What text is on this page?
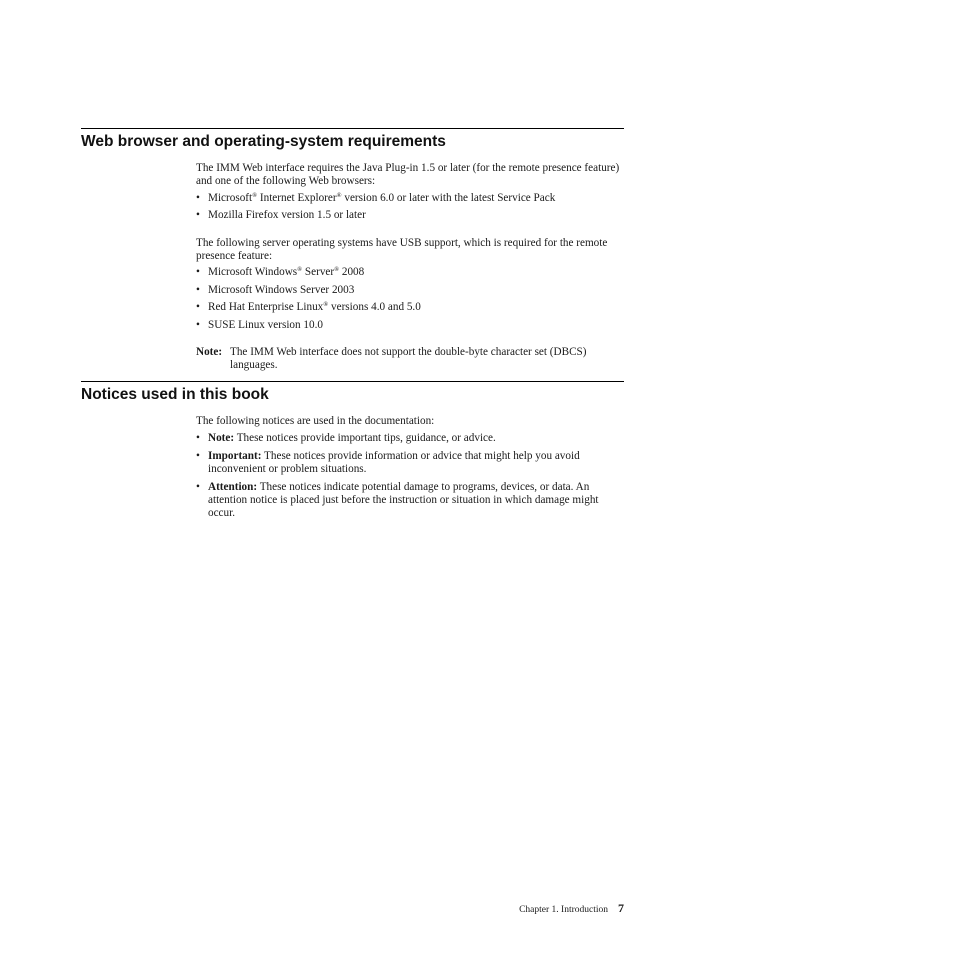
Web browser and operating-system requirements

The IMM Web interface requires the Java Plug-in 1.5 or later (for the remote presence feature) and one of the following Web browsers:

• Microsoft® Internet Explorer® version 6.0 or later with the latest Service Pack
• Mozilla Firefox version 1.5 or later

The following server operating systems have USB support, which is required for the remote presence feature:

• Microsoft Windows® Server® 2008
• Microsoft Windows Server 2003
• Red Hat Enterprise Linux® versions 4.0 and 5.0
• SUSE Linux version 10.0
Note: The IMM Web interface does not support the double-byte character set (DBCS) languages.
Notices used in this book

The following notices are used in the documentation:

• Note: These notices provide important tips, guidance, or advice.
• Important: These notices provide information or advice that might help you avoid inconvenient or problem situations.
• Attention: These notices indicate potential damage to programs, devices, or data. An attention notice is placed just before the instruction or situation in which damage might occur.
Chapter 1. Introduction 7
